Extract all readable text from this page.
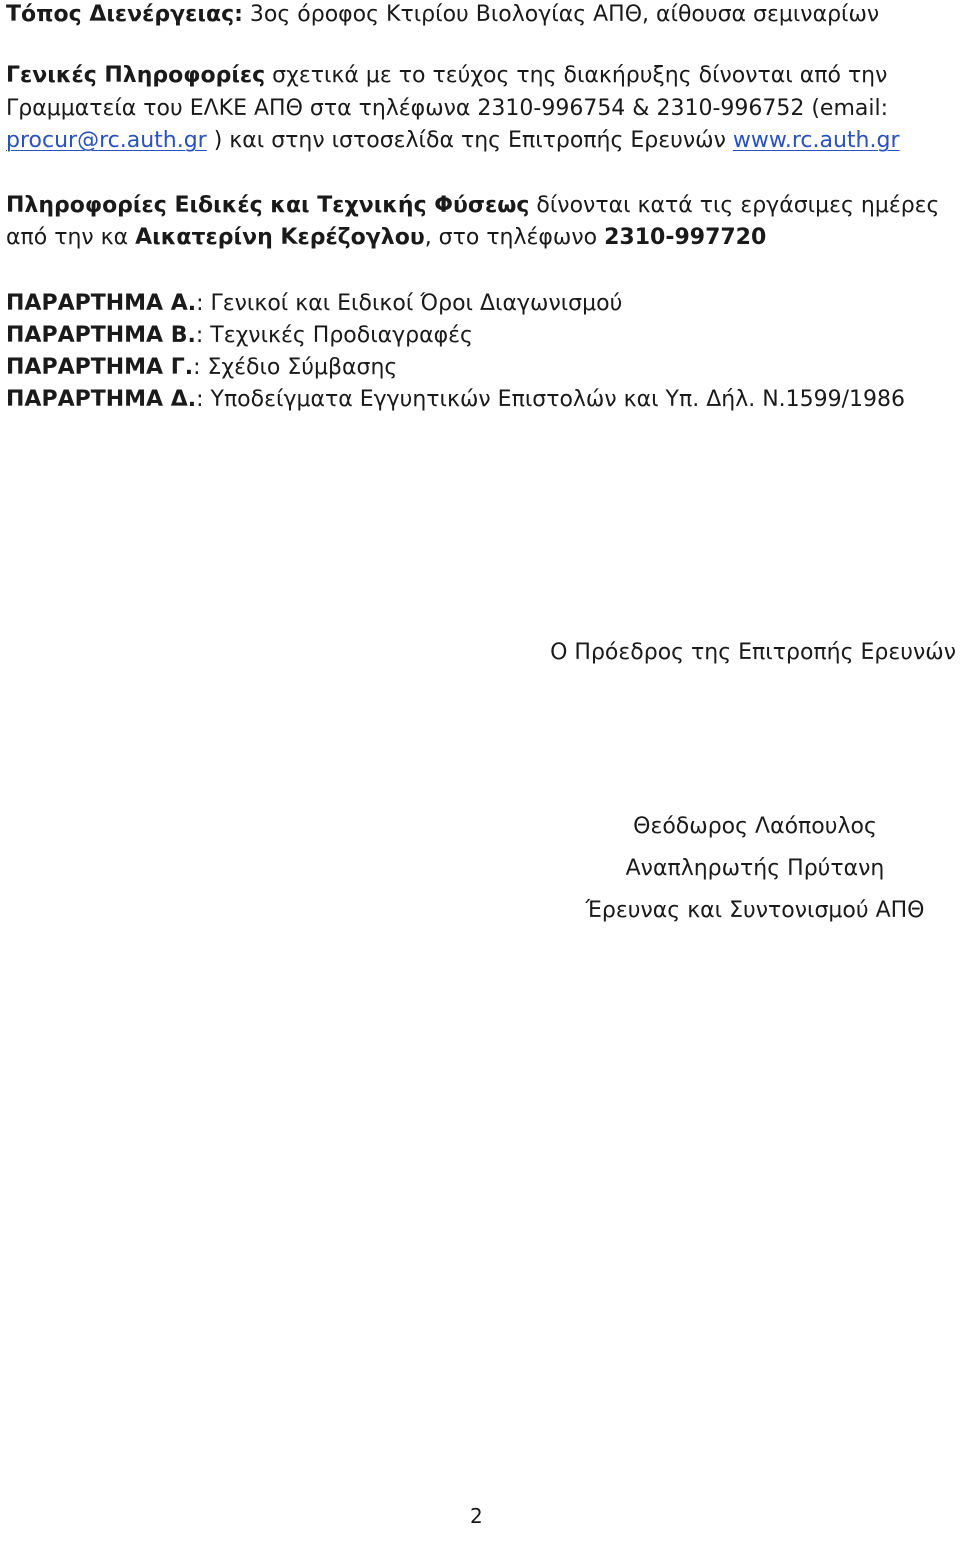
Τόπος Διενέργειας: 3ος όροφος Κτιρίου Βιολογίας ΑΠΘ, αίθουσα σεμιναρίων
Γενικές Πληροφορίες σχετικά με το τεύχος της διακήρυξης δίνονται από την
Γραμματεία του ΕΛΚΕ ΑΠΘ στα τηλέφωνα 2310-996754 & 2310-996752 (email:
procur@rc.auth.gr ) και στην ιστοσελίδα της Επιτροπής Ερευνών www.rc.auth.gr
Πληροφορίες Ειδικές και Τεχνικής Φύσεως δίνονται κατά τις εργάσιμες ημέρες
από την κα Αικατερίνη Κερέζογλου, στο τηλέφωνο 2310-997720
ΠΑΡΑΡΤΗΜΑ Α.: Γενικοί και Ειδικοί Όροι Διαγωνισμού
ΠΑΡΑΡΤΗΜΑ Β.: Τεχνικές Προδιαγραφές
ΠΑΡΑΡΤΗΜΑ Γ.: Σχέδιο Σύμβασης
ΠΑΡΑΡΤΗΜΑ Δ.: Υποδείγματα Εγγυητικών Επιστολών και Υπ. Δήλ. Ν.1599/1986
Ο Πρόεδρος της Επιτροπής Ερευνών
Θεόδωρος Λαόπουλος
Αναπληρωτής Πρύτανη
Έρευνας και Συντονισμού ΑΠΘ
2
